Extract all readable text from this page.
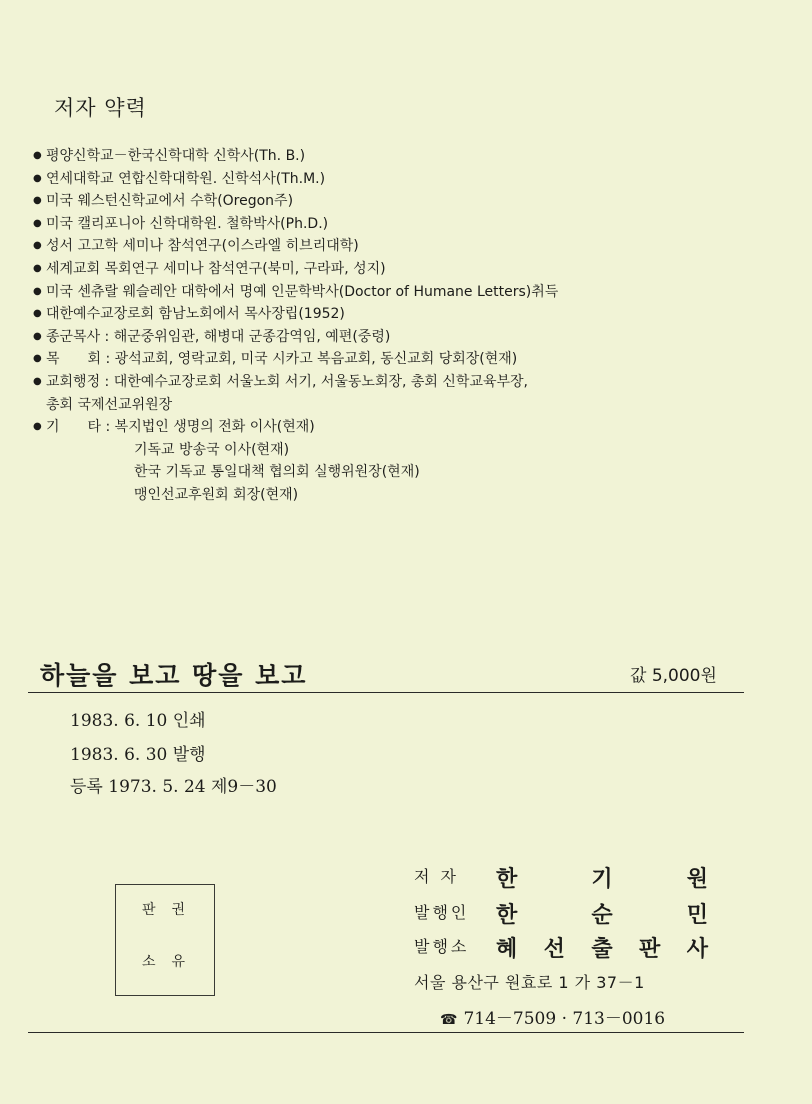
저자 약력
● 평양신학교－한국신학대학 신학사(Th. B.)
● 연세대학교 연합신학대학원. 신학석사(Th.M.)
● 미국 웨스턴신학교에서 수학(Oregon주)
● 미국 캘리포니아 신학대학원. 철학박사(Ph.D.)
● 성서 고고학 세미나 참석연구(이스라엘 히브리대학)
● 세계교회 목회연구 세미나 참석연구(북미, 구라파, 성지)
● 미국 센츄랄 웨슬레안 대학에서 명예 인문학박사(Doctor of Humane Letters)취득
● 대한예수교장로회 함남노회에서 목사장립(1952)
● 종군목사 : 해군중위임관, 해병대 군종감역임, 예편(중령)
● 목　　회 : 광석교회, 영락교회, 미국 시카고 복음교회, 동신교회 당회장(현재)
● 교회행정 : 대한예수교장로회 서울노회 서기, 서울동노회장, 총회 신학교육부장,
총회 국제선교위원장
● 기　　타 : 복지법인 생명의 전화 이사(현재)
기독교 방송국 이사(현재)
한국 기독교 통일대책 협의회 실행위원장(현재)
맹인선교후원회 회장(현재)
하늘을 보고 땅을 보고	값 5,000원
1983. 6. 10 인쇄
1983. 6. 30 발행
등록 1973. 5. 24 제9－30
판권
소유
저 자 한 기 원
발행인 한 순 민
발행소 혜 선 출 판 사
서울 용산구 원효로 1 가 37－1
☎ 714－7509 · 713－0016
